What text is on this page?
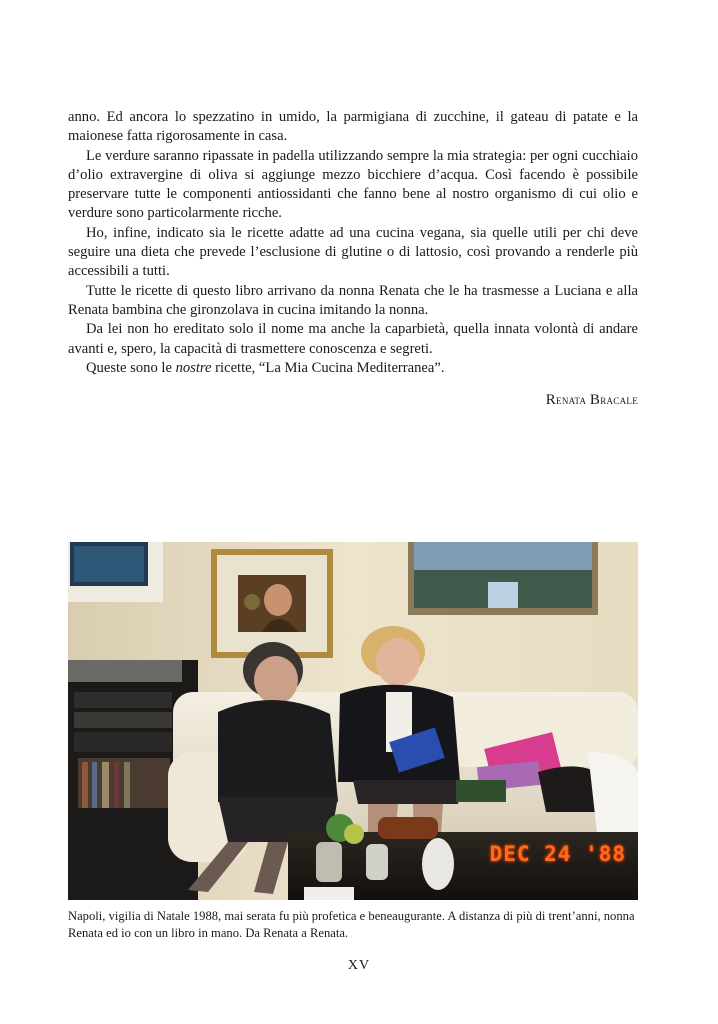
anno. Ed ancora lo spezzatino in umido, la parmigiana di zucchine, il gateau di patate e la maionese fatta rigorosamente in casa.

Le verdure saranno ripassate in padella utilizzando sempre la mia strategia: per ogni cucchiaio d’olio extravergine di oliva si aggiunge mezzo bicchiere d’acqua. Così facendo è possibile preservare tutte le componenti antiossidanti che fanno bene al nostro organismo di cui olio e verdure sono particolarmente ricche.

Ho, infine, indicato sia le ricette adatte ad una cucina vegana, sia quelle utili per chi deve seguire una dieta che prevede l’esclusione di glutine o di lattosio, così provando a renderle più accessibili a tutti.

Tutte le ricette di questo libro arrivano da nonna Renata che le ha trasmesse a Luciana e alla Renata bambina che gironzolava in cucina imitando la nonna.

Da lei non ho ereditato solo il nome ma anche la caparbietà, quella innata volontà di andare avanti e, spero, la capacità di trasmettere conoscenza e segreti.

Queste sono le nostre ricette, “La Mia Cucina Mediterranea”.

Renata Bracale
DEC 24 '88
Napoli, vigilia di Natale 1988, mai serata fu più profetica e beneaugurante. A distanza di più di trent’anni, nonna Renata ed io con un libro in mano. Da Renata a Renata.
XV
